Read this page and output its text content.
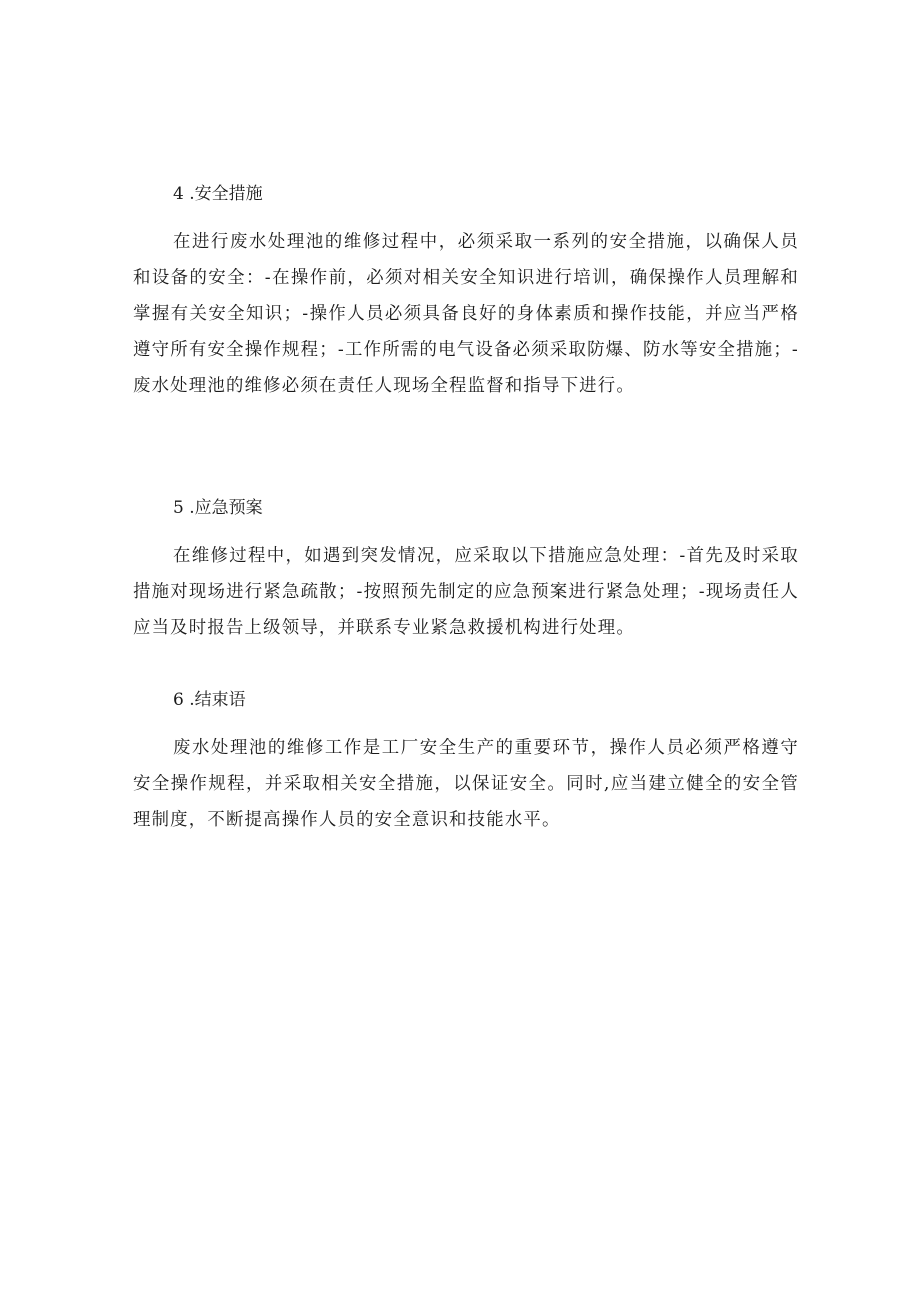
4 .安全措施

在进行废水处理池的维修过程中，必须采取一系列的安全措施，以确保人员和设备的安全：-在操作前，必须对相关安全知识进行培训，确保操作人员理解和掌握有关安全知识；-操作人员必须具备良好的身体素质和操作技能，并应当严格遵守所有安全操作规程；-工作所需的电气设备必须采取防爆、防水等安全措施；-废水处理池的维修必须在责任人现场全程监督和指导下进行。

5 .应急预案

在维修过程中，如遇到突发情况，应采取以下措施应急处理：-首先及时采取措施对现场进行紧急疏散；-按照预先制定的应急预案进行紧急处理；-现场责任人应当及时报告上级领导，并联系专业紧急救援机构进行处理。

6 .结束语

废水处理池的维修工作是工厂安全生产的重要环节，操作人员必须严格遵守安全操作规程，并采取相关安全措施，以保证安全。同时,应当建立健全的安全管理制度，不断提高操作人员的安全意识和技能水平。
